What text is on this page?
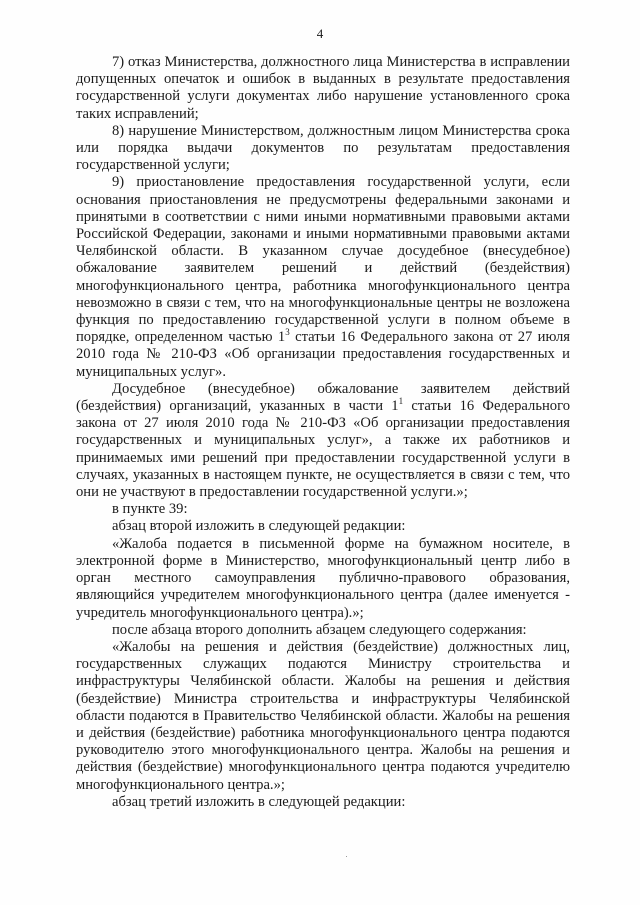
4

7) отказ Министерства, должностного лица Министерства в исправлении допущенных опечаток и ошибок в выданных в результате предоставления государственной услуги документах либо нарушение установленного срока таких исправлений;

8) нарушение Министерством, должностным лицом Министерства срока или порядка выдачи документов по результатам предоставления государственной услуги;

9) приостановление предоставления государственной услуги, если основания приостановления не предусмотрены федеральными законами и принятыми в соответствии с ними иными нормативными правовыми актами Российской Федерации, законами и иными нормативными правовыми актами Челябинской области. В указанном случае досудебное (внесудебное) обжалование заявителем решений и действий (бездействия) многофункционального центра, работника многофункционального центра невозможно в связи с тем, что на многофункциональные центры не возложена функция по предоставлению государственной услуги в полном объеме в порядке, определенном частью $1^3$ статьи 16 Федерального закона от 27 июля 2010 года № 210-ФЗ «Об организации предоставления государственных и муниципальных услуг».

Досудебное (внесудебное) обжалование заявителем действий (бездействия) организаций, указанных в части $1^1$ статьи 16 Федерального закона от 27 июля 2010 года № 210-ФЗ «Об организации предоставления государственных и муниципальных услуг», а также их работников и принимаемых ими решений при предоставлении государственной услуги в случаях, указанных в настоящем пункте, не осуществляется в связи с тем, что они не участвуют в предоставлении государственной услуги.»;

в пункте 39:

абзац второй изложить в следующей редакции:

«Жалоба подается в письменной форме на бумажном носителе, в электронной форме в Министерство, многофункциональный центр либо в орган местного самоуправления публично-правового образования, являющийся учредителем многофункционального центра (далее именуется - учредитель многофункционального центра).»;

после абзаца второго дополнить абзацем следующего содержания:

«Жалобы на решения и действия (бездействие) должностных лиц, государственных служащих подаются Министру строительства и инфраструктуры Челябинской области. Жалобы на решения и действия (бездействие) Министра строительства и инфраструктуры Челябинской области подаются в Правительство Челябинской области. Жалобы на решения и действия (бездействие) работника многофункционального центра подаются руководителю этого многофункционального центра. Жалобы на решения и действия (бездействие) многофункционального центра подаются учредителю многофункционального центра.»;

абзац третий изложить в следующей редакции:
